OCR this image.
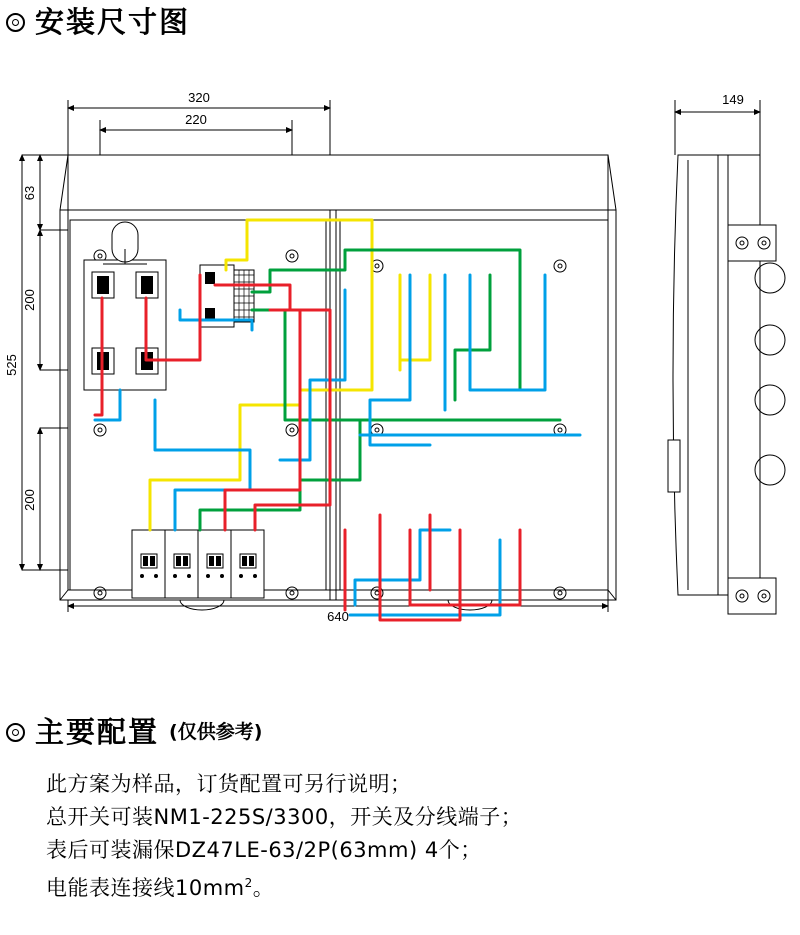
安装尺寸图
320
220
63
200
200
525
640
149
主要配置 (仅供参考)
此方案为样品，订货配置可另行说明；
总开关可装NM1-225S/3300，开关及分线端子；
表后可装漏保DZ47LE-63/2P(63mm) 4个；
电能表连接线$10mm^2$。
